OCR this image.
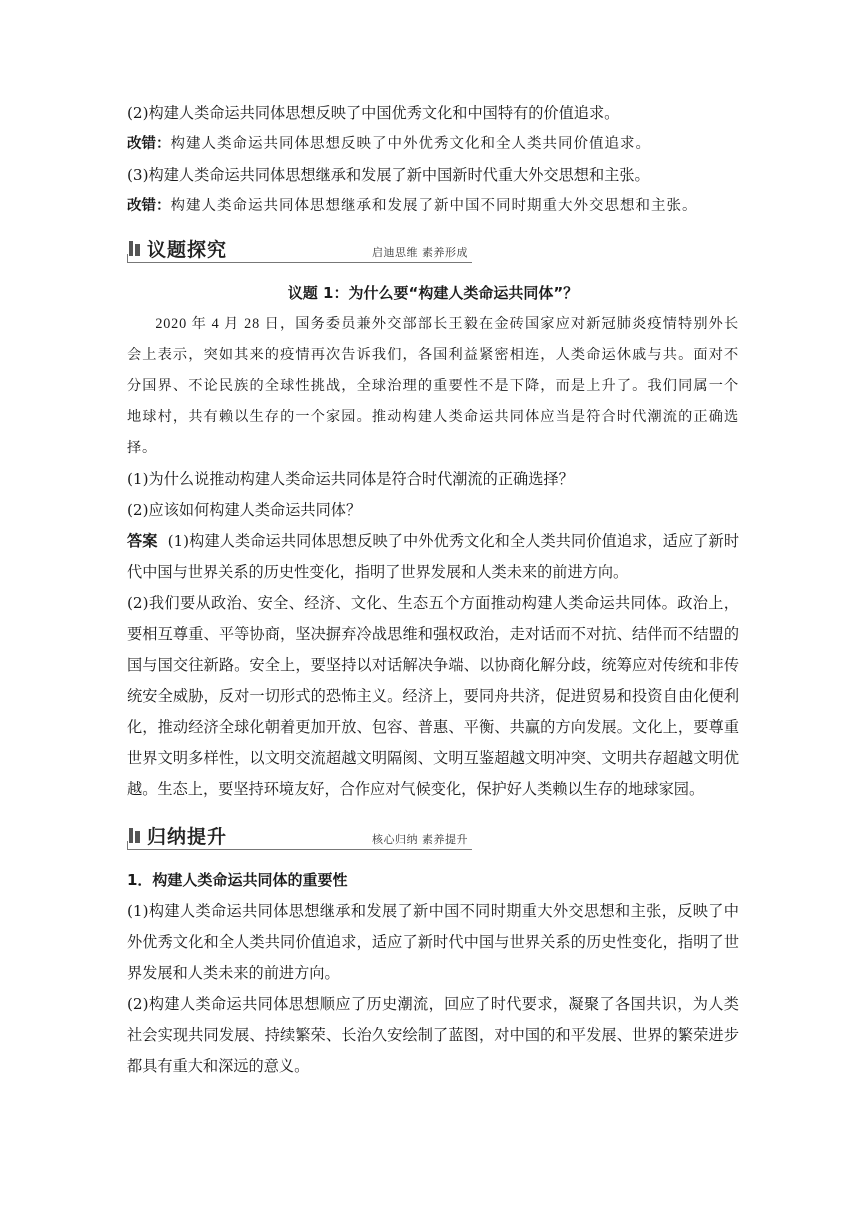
(2)构建人类命运共同体思想反映了中国优秀文化和中国特有的价值追求。

改错：构建人类命运共同体思想反映了中外优秀文化和全人类共同价值追求。

(3)构建人类命运共同体思想继承和发展了新中国新时代重大外交思想和主张。

改错：构建人类命运共同体思想继承和发展了新中国不同时期重大外交思想和主张。

议题探究	启迪思维 素养形成

议题 1：为什么要“构建人类命运共同体”？

2020 年 4 月 28 日，国务委员兼外交部部长王毅在金砖国家应对新冠肺炎疫情特别外长会上表示，突如其来的疫情再次告诉我们，各国利益紧密相连，人类命运休戚与共。面对不分国界、不论民族的全球性挑战，全球治理的重要性不是下降，而是上升了。我们同属一个地球村，共有赖以生存的一个家园。推动构建人类命运共同体应当是符合时代潮流的正确选择。

(1)为什么说推动构建人类命运共同体是符合时代潮流的正确选择？

(2)应该如何构建人类命运共同体？

答案 (1)构建人类命运共同体思想反映了中外优秀文化和全人类共同价值追求，适应了新时代中国与世界关系的历史性变化，指明了世界发展和人类未来的前进方向。

(2)我们要从政治、安全、经济、文化、生态五个方面推动构建人类命运共同体。政治上，要相互尊重、平等协商，坚决摒弃冷战思维和强权政治，走对话而不对抗、结伴而不结盟的国与国交往新路。安全上，要坚持以对话解决争端、以协商化解分歧，统筹应对传统和非传统安全威胁，反对一切形式的恐怖主义。经济上，要同舟共济，促进贸易和投资自由化便利化，推动经济全球化朝着更加开放、包容、普惠、平衡、共赢的方向发展。文化上，要尊重世界文明多样性，以文明交流超越文明隔阂、文明互鉴超越文明冲突、文明共存超越文明优越。生态上，要坚持环境友好，合作应对气候变化，保护好人类赖以生存的地球家园。

归纳提升	核心归纳 素养提升

1．构建人类命运共同体的重要性

(1)构建人类命运共同体思想继承和发展了新中国不同时期重大外交思想和主张，反映了中外优秀文化和全人类共同价值追求，适应了新时代中国与世界关系的历史性变化，指明了世界发展和人类未来的前进方向。

(2)构建人类命运共同体思想顺应了历史潮流，回应了时代要求，凝聚了各国共识，为人类社会实现共同发展、持续繁荣、长治久安绘制了蓝图，对中国的和平发展、世界的繁荣进步都具有重大和深远的意义。
